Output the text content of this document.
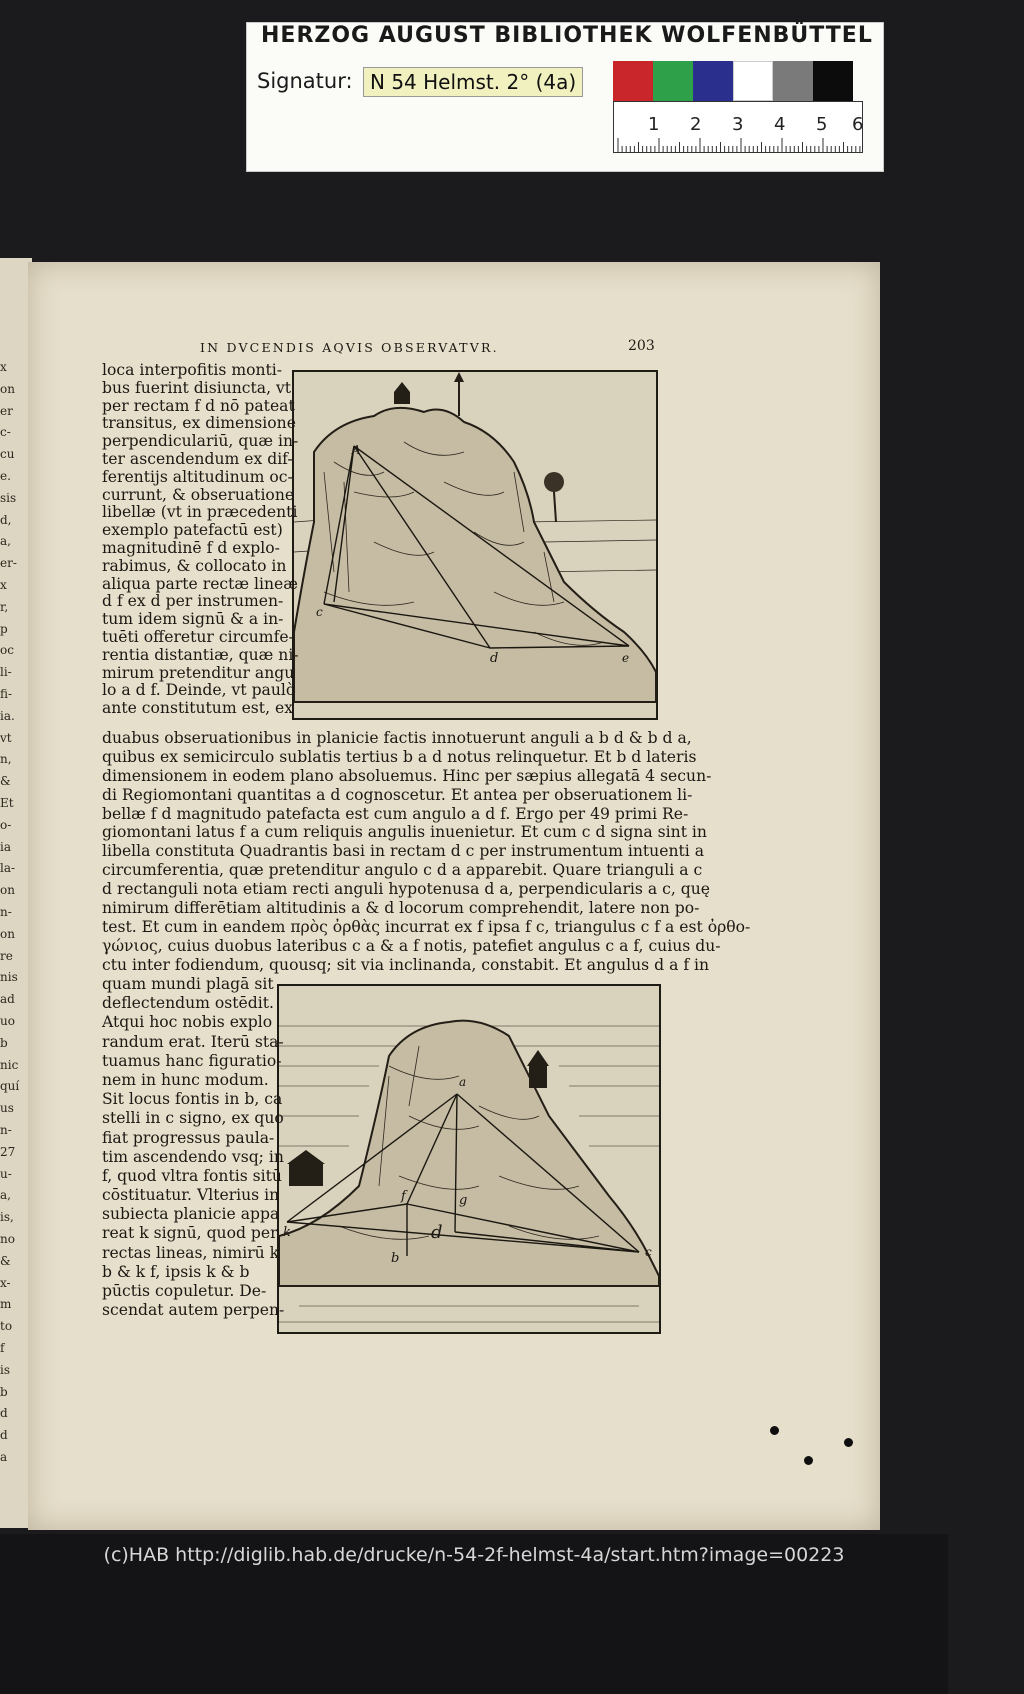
HERZOG AUGUST BIBLIOTHEK WOLFENBÜTTEL
Signatur: N 54 Helmst. 2° (4a)
1 2 3 4 5 6
IN DVCENDIS AQVIS OBSERVATVR.	203
A
c
d	e
a
f	g
d
k
b	c
loca interpofitis monti-
bus fuerint disiuncta, vt
per rectam f d nō pateat
transitus, ex dimensione
perpendiculariū, quæ in-
ter ascendendum ex dif-
ferentijs altitudinum oc-
currunt, & obseruatione
libellæ (vt in præcedenti
exemplo patefactū est)
magnitudinē f d explo-
rabimus, & collocato in
aliqua parte rectæ lineæ
d f ex d per instrumen-
tum idem signū & a in-
tuēti offeretur circumfe-
rentia distantiæ, quæ ni-
mirum pretenditur angu
lo a d f. Deinde, vt paulò
ante constitutum est, ex
duabus obseruationibus in planicie factis innotuerunt anguli a b d & b d a,
quibus ex semicirculo sublatis tertius b a d notus relinquetur. Et b d lateris
dimensionem in eodem plano absoluemus. Hinc per sæpius allegatā 4 secun-
di Regiomontani quantitas a d cognoscetur. Et antea per obseruationem li-
bellæ f d magnitudo patefacta est cum angulo a d f. Ergo per 49 primi Re-
giomontani latus f a cum reliquis angulis inuenietur. Et cum c d signa sint in
libella constituta Quadrantis basi in rectam d c per instrumentum intuenti a
circumferentia, quæ pretenditur angulo c d a apparebit. Quare trianguli a c
d rectanguli nota etiam recti anguli hypotenusa d a, perpendicularis a c, quę
nimirum differētiam altitudinis a & d locorum comprehendit, latere non po-
test. Et cum in eandem πρὸς ὀρθὰς incurrat ex f ipsa f c, triangulus c f a est ὀρθο-
γώνιος, cuius duobus lateribus c a & a f notis, patefiet angulus c a f, cuius du-
ctu inter fodiendum, quousq; sit via inclinanda, constabit. Et angulus d a f in
quam mundi plagā sit
deflectendum ostēdit.
Atqui hoc nobis explo
randum erat. Iterū sta-
tuamus hanc figuratio-
nem in hunc modum.
Sit locus fontis in b, ca
stelli in c signo, ex quo
fiat progressus paula-
tim ascendendo vsq; in
f, quod vltra fontis sitū
cōstituatur. Vlterius in
subiecta planicie appa
reat k signū, quod per
rectas lineas, nimirū k
b & k f, ipsis k & b
pūctis copuletur. De-
scendat autem perpen-
x
on
er
c-
cu
e.
sis
d,
a,
er-
x
r,
p
oc
li-
fi-
ia.
vt
n,
&
Et
o-
ia
la-
on
n-
on
re
nis
ad
uo
b
nic
quí
us
n-
27
u-
a,
is,
no
&
x-
m
to
f
is
b
d
d
a
(c)HAB http://diglib.hab.de/drucke/n-54-2f-helmst-4a/start.htm?image=00223
